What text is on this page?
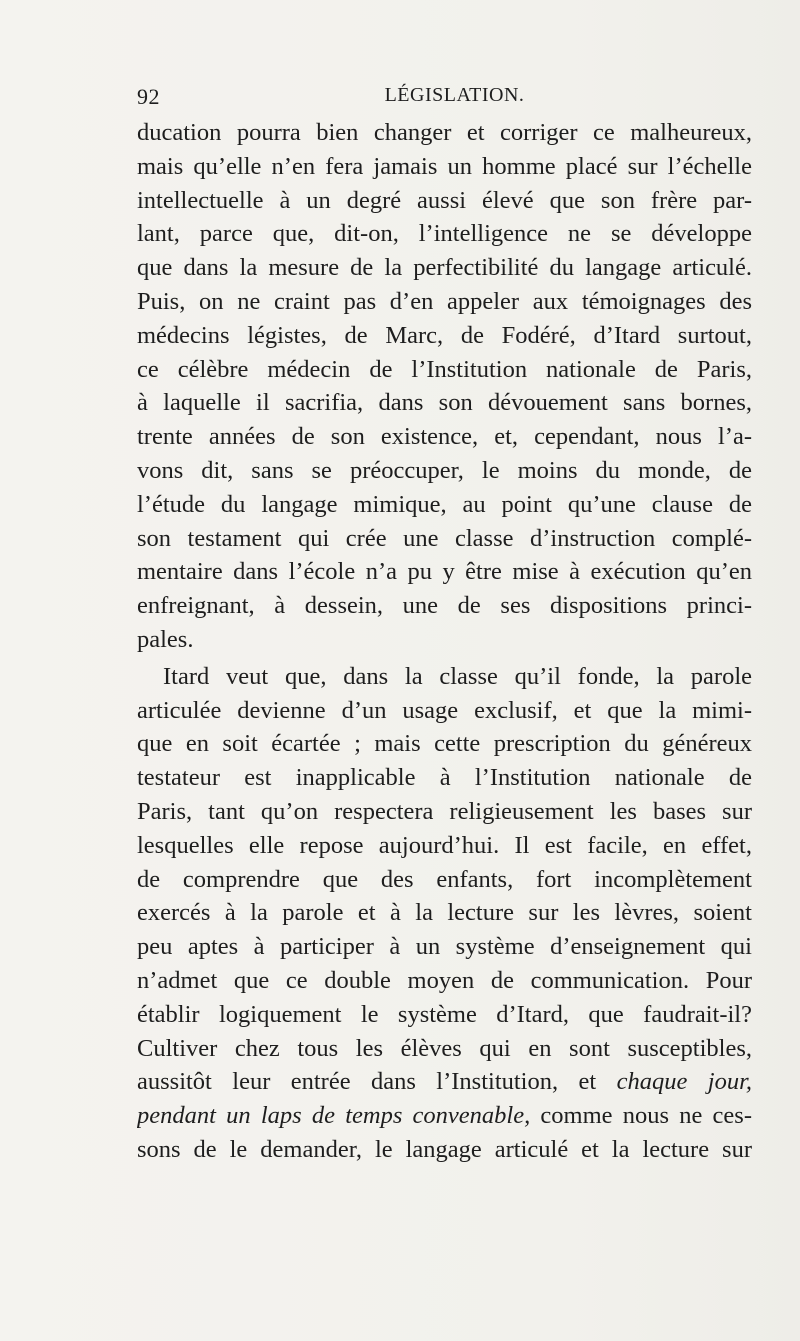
92	LÉGISLATION.
ducation pourra bien changer et corriger ce malheureux,
mais qu’elle n’en fera jamais un homme placé sur l’échelle
intellectuelle à un degré aussi élevé que son frère par-
lant, parce que, dit-on, l’intelligence ne se développe
que dans la mesure de la perfectibilité du langage articulé.
Puis, on ne craint pas d’en appeler aux témoignages des
médecins légistes, de Marc, de Fodéré, d’Itard surtout,
ce célèbre médecin de l’Institution nationale de Paris,
à laquelle il sacrifia, dans son dévouement sans bornes,
trente années de son existence, et, cependant, nous l’a-
vons dit, sans se préoccuper, le moins du monde, de
l’étude du langage mimique, au point qu’une clause de
son testament qui crée une classe d’instruction complé-
mentaire dans l’école n’a pu y être mise à exécution qu’en
enfreignant, à dessein, une de ses dispositions princi-
pales.
Itard veut que, dans la classe qu’il fonde, la parole
articulée devienne d’un usage exclusif, et que la mimi-
que en soit écartée ; mais cette prescription du généreux
testateur est inapplicable à l’Institution nationale de
Paris, tant qu’on respectera religieusement les bases sur
lesquelles elle repose aujourd’hui. Il est facile, en effet,
de comprendre que des enfants, fort incomplètement
exercés à la parole et à la lecture sur les lèvres, soient
peu aptes à participer à un système d’enseignement qui
n’admet que ce double moyen de communication. Pour
établir logiquement le système d’Itard, que faudrait-il?
Cultiver chez tous les élèves qui en sont susceptibles,
aussitôt leur entrée dans l’Institution, et chaque jour,
pendant un laps de temps convenable, comme nous ne ces-
sons de le demander, le langage articulé et la lecture sur
